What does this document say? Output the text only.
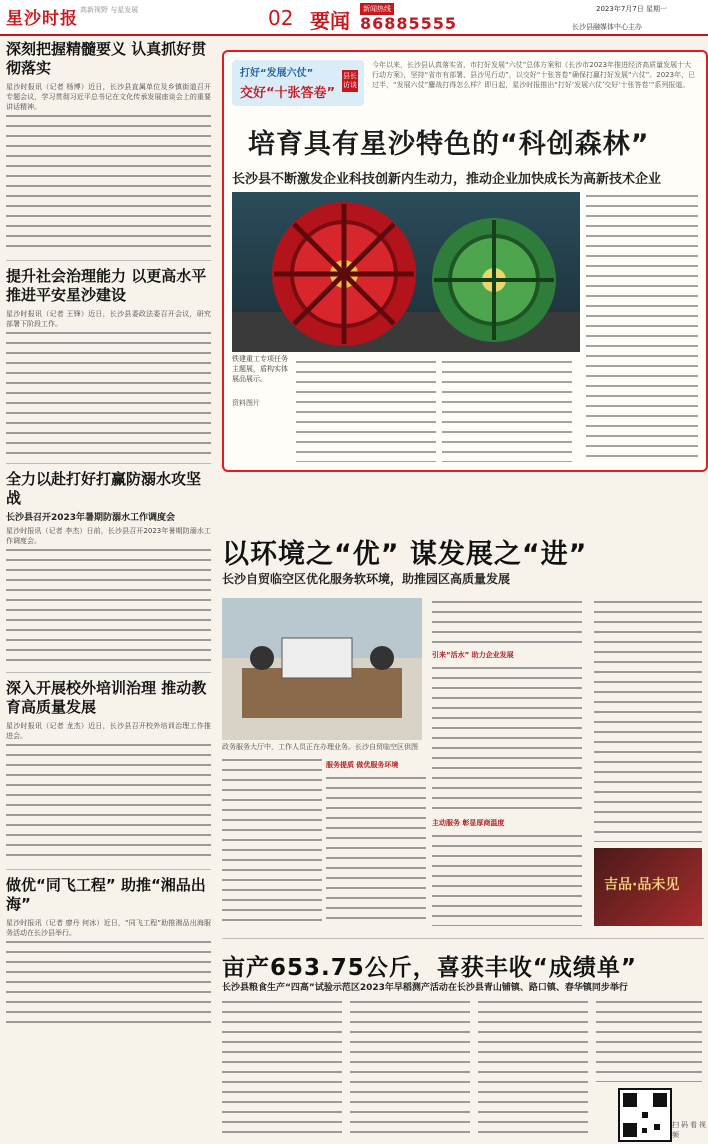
星沙时报 高新视野 与星发展	02 要闻	新闻热线
86885555
2023年7月7日 星期一
长沙县融媒体中心主办
深刻把握精髓要义 认真抓好贯彻落实
星沙时报讯（记者 杨博）近日，长沙县直属单位及乡镇街道召开专题会议，学习贯彻习近平总书记在文化传承发展座谈会上的重要讲话精神。
提升社会治理能力 以更高水平推进平安星沙建设
星沙时报讯（记者 王锋）近日，长沙县委政法委召开会议，研究部署下阶段工作。
全力以赴打好打赢防溺水攻坚战
长沙县召开2023年暑期防溺水工作调度会
星沙时报讯（记者 李杰）日前，长沙县召开2023年暑期防溺水工作调度会。
深入开展校外培训治理 推动教育高质量发展
星沙时报讯（记者 龙杰）近日，长沙县召开校外培训治理工作推进会。
做优“同飞工程” 助推“湘品出海”
星沙时报讯（记者 廖丹 何冰）近日，“同飞工程”助推湘品出海服务活动在长沙县举行。
打好“发展六仗”
交好“十张答卷”
县长访谈
今年以来，长沙县认真落实省、市打好发展“六仗”总体方案和《长沙市2023年推进经济高质量发展十大行动方案》，坚持“省市有部署、县沙见行动”，以交好“十张答卷”确保打赢打好发展“六仗”。2023年，已过半，“发展六仗”鏖战打得怎么样？即日起，星沙时报推出“打好‘发展六仗’交好‘十张答卷’”系列报道。
培育具有星沙特色的“科创森林”
长沙县不断激发企业科技创新内生动力，推动企业加快成长为高新技术企业
铁建重工专项任务主题展，盾构实体展品展示。
资料图片
以环境之“优” 谋发展之“进”
长沙自贸临空区优化服务软环境，助推园区高质量发展
政务服务大厅中，工作人员正在办理业务。长沙自贸临空区供图
服务提质 做优服务环境
引来“活水” 助力企业发展
主动服务 彰显厚商温度
吉品·品未见
亩产653.75公斤，喜获丰收“成绩单”
长沙县粮食生产“四高”试验示范区2023年早稻测产活动在长沙县青山铺镇、路口镇、春华镇同步举行
扫码看视频
